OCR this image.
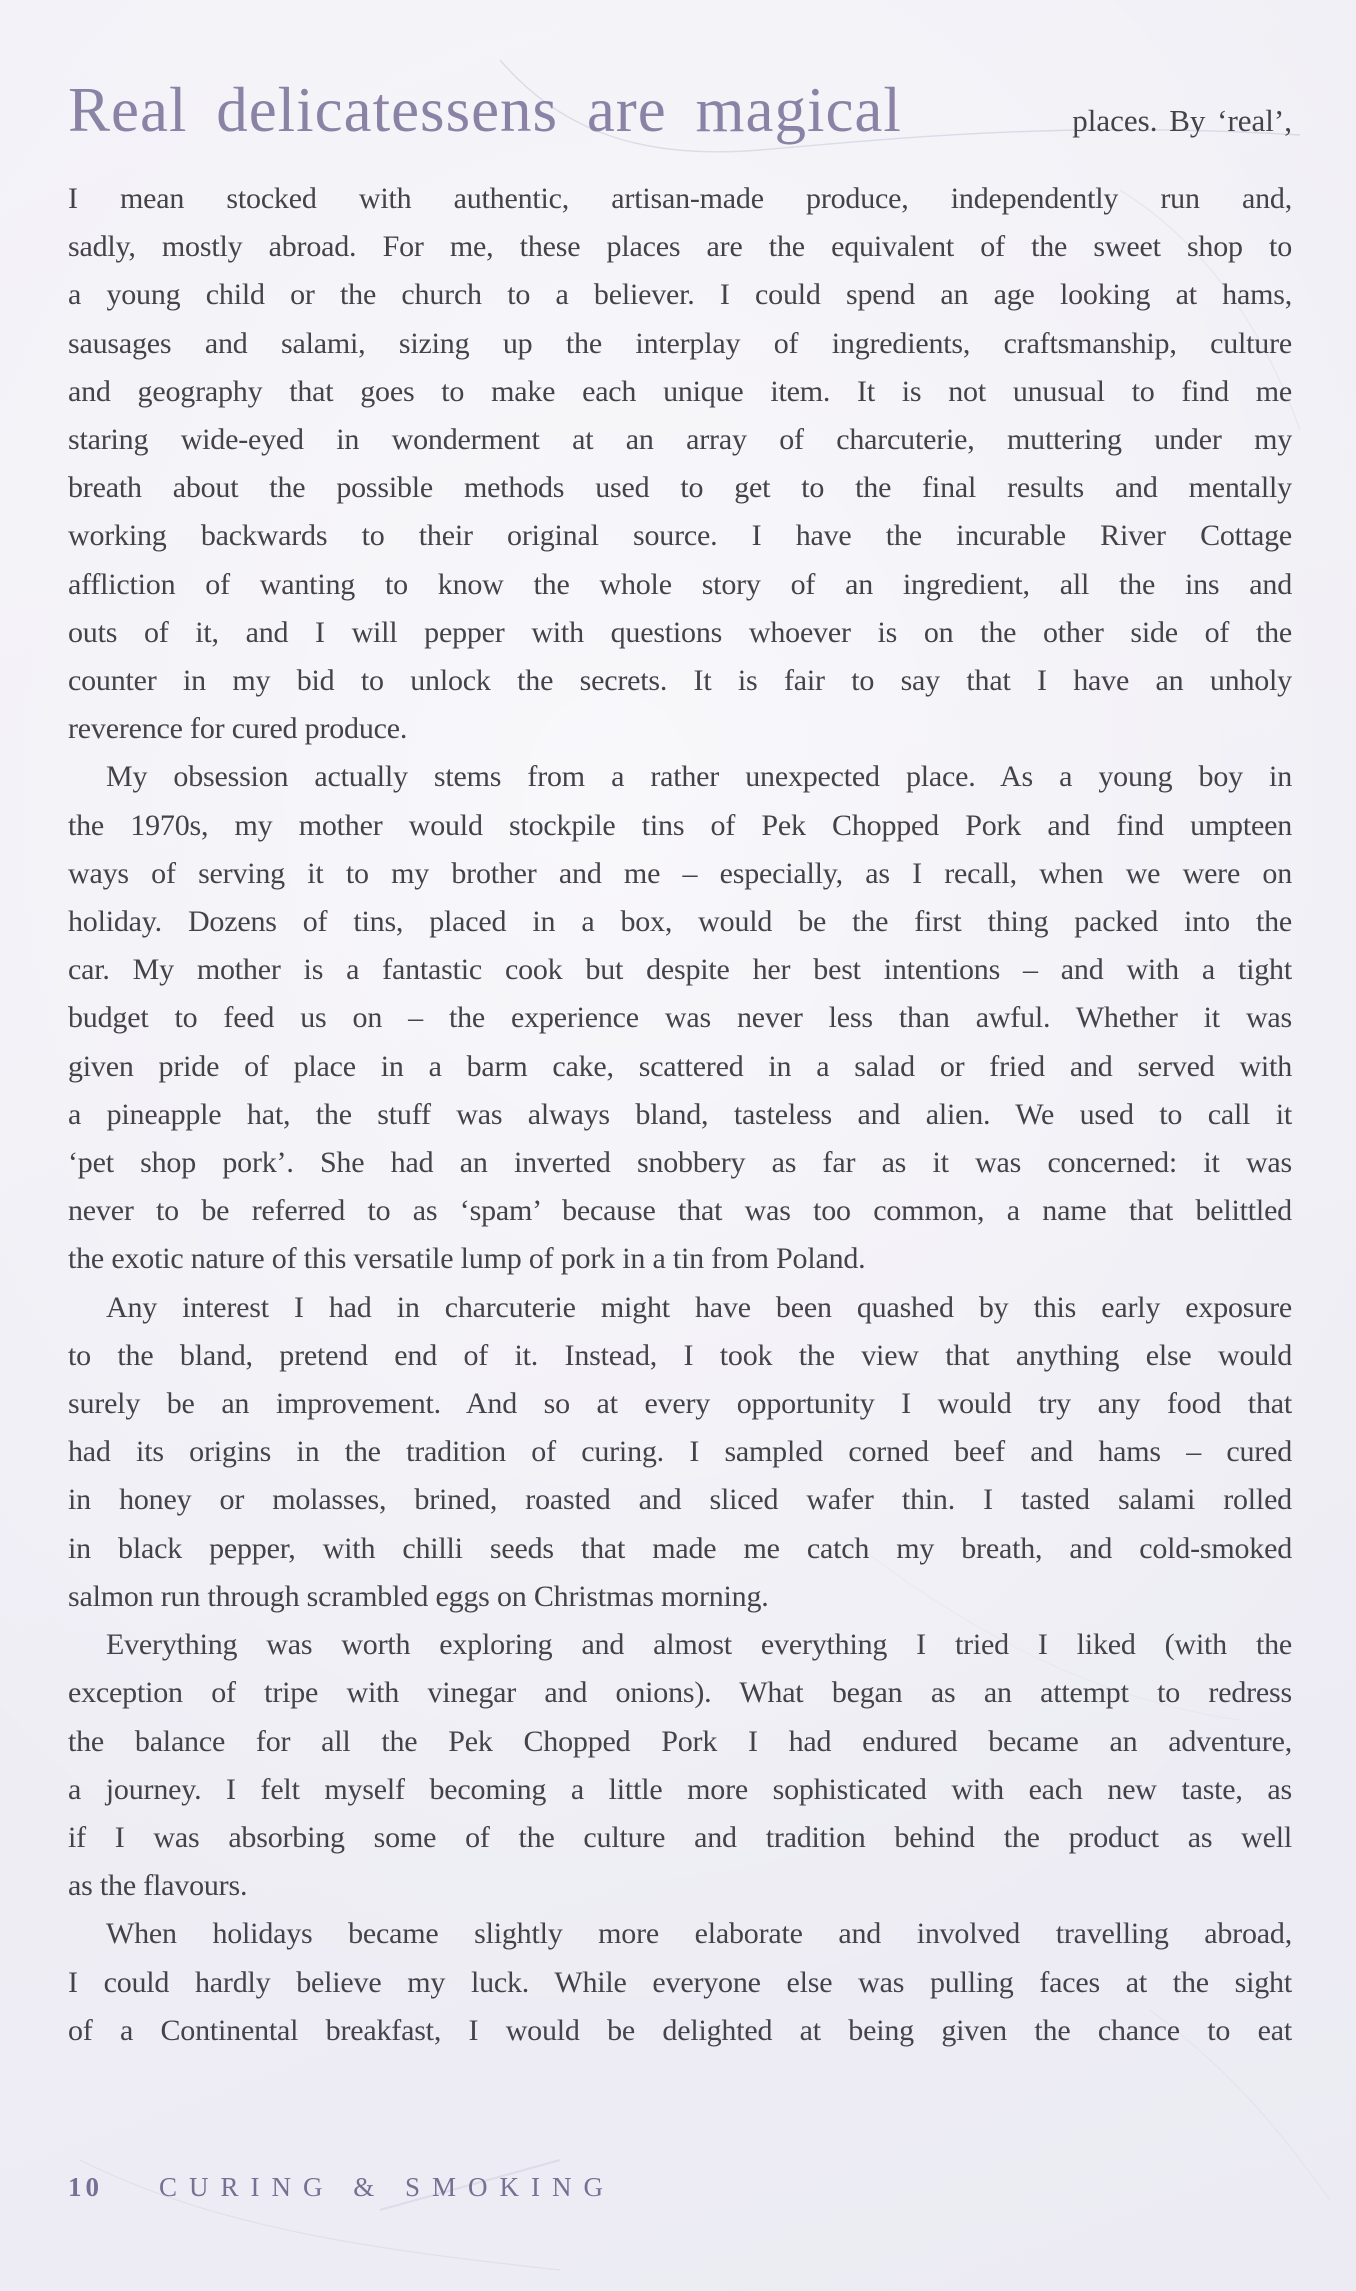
Real delicatessens are magical	places. By ‘real’,
I mean stocked with authentic, artisan-made produce, independently run and,
sadly, mostly abroad. For me, these places are the equivalent of the sweet shop to
a young child or the church to a believer. I could spend an age looking at hams,
sausages and salami, sizing up the interplay of ingredients, craftsmanship, culture
and geography that goes to make each unique item. It is not unusual to find me
staring wide-eyed in wonderment at an array of charcuterie, muttering under my
breath about the possible methods used to get to the final results and mentally
working backwards to their original source. I have the incurable River Cottage
affliction of wanting to know the whole story of an ingredient, all the ins and
outs of it, and I will pepper with questions whoever is on the other side of the
counter in my bid to unlock the secrets. It is fair to say that I have an unholy
reverence for cured produce.
My obsession actually stems from a rather unexpected place. As a young boy in
the 1970s, my mother would stockpile tins of Pek Chopped Pork and find umpteen
ways of serving it to my brother and me – especially, as I recall, when we were on
holiday. Dozens of tins, placed in a box, would be the first thing packed into the
car. My mother is a fantastic cook but despite her best intentions – and with a tight
budget to feed us on – the experience was never less than awful. Whether it was
given pride of place in a barm cake, scattered in a salad or fried and served with
a pineapple hat, the stuff was always bland, tasteless and alien. We used to call it
‘pet shop pork’. She had an inverted snobbery as far as it was concerned: it was
never to be referred to as ‘spam’ because that was too common, a name that belittled
the exotic nature of this versatile lump of pork in a tin from Poland.
Any interest I had in charcuterie might have been quashed by this early exposure
to the bland, pretend end of it. Instead, I took the view that anything else would
surely be an improvement. And so at every opportunity I would try any food that
had its origins in the tradition of curing. I sampled corned beef and hams – cured
in honey or molasses, brined, roasted and sliced wafer thin. I tasted salami rolled
in black pepper, with chilli seeds that made me catch my breath, and cold-smoked
salmon run through scrambled eggs on Christmas morning.
Everything was worth exploring and almost everything I tried I liked (with the
exception of tripe with vinegar and onions). What began as an attempt to redress
the balance for all the Pek Chopped Pork I had endured became an adventure,
a journey. I felt myself becoming a little more sophisticated with each new taste, as
if I was absorbing some of the culture and tradition behind the product as well
as the flavours.
When holidays became slightly more elaborate and involved travelling abroad,
I could hardly believe my luck. While everyone else was pulling faces at the sight
of a Continental breakfast, I would be delighted at being given the chance to eat
10 CURING & SMOKING
